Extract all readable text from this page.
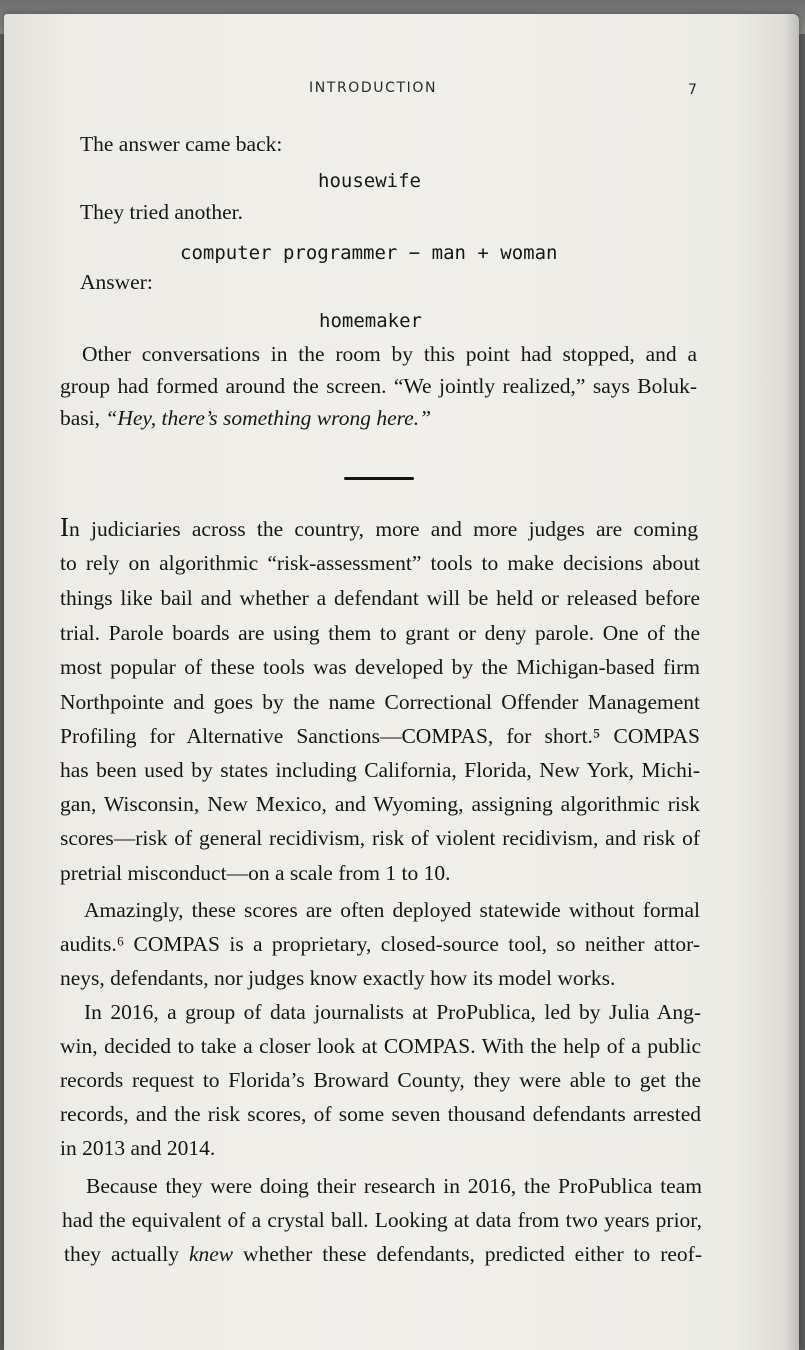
INTRODUCTION	7
The answer came back:
housewife
They tried another.
computer programmer − man + woman
Answer:
homemaker
Other conversations in the room by this point had stopped, and a
group had formed around the screen. “We jointly realized,” says Boluk-
basi, “Hey, there’s something wrong here.”
In judiciaries across the country, more and more judges are coming
to rely on algorithmic “risk-assessment” tools to make decisions about
things like bail and whether a defendant will be held or released before
trial. Parole boards are using them to grant or deny parole. One of the
most popular of these tools was developed by the Michigan-based firm
Northpointe and goes by the name Correctional Offender Management
Profiling for Alternative Sanctions—COMPAS, for short.⁵ COMPAS
has been used by states including California, Florida, New York, Michi-
gan, Wisconsin, New Mexico, and Wyoming, assigning algorithmic risk
scores—risk of general recidivism, risk of violent recidivism, and risk of
pretrial misconduct—on a scale from 1 to 10.
Amazingly, these scores are often deployed statewide without formal
audits.⁶ COMPAS is a proprietary, closed-source tool, so neither attor-
neys, defendants, nor judges know exactly how its model works.
In 2016, a group of data journalists at ProPublica, led by Julia Ang-
win, decided to take a closer look at COMPAS. With the help of a public
records request to Florida’s Broward County, they were able to get the
records, and the risk scores, of some seven thousand defendants arrested
in 2013 and 2014.
Because they were doing their research in 2016, the ProPublica team
had the equivalent of a crystal ball. Looking at data from two years prior,
they actually knew whether these defendants, predicted either to reof-
